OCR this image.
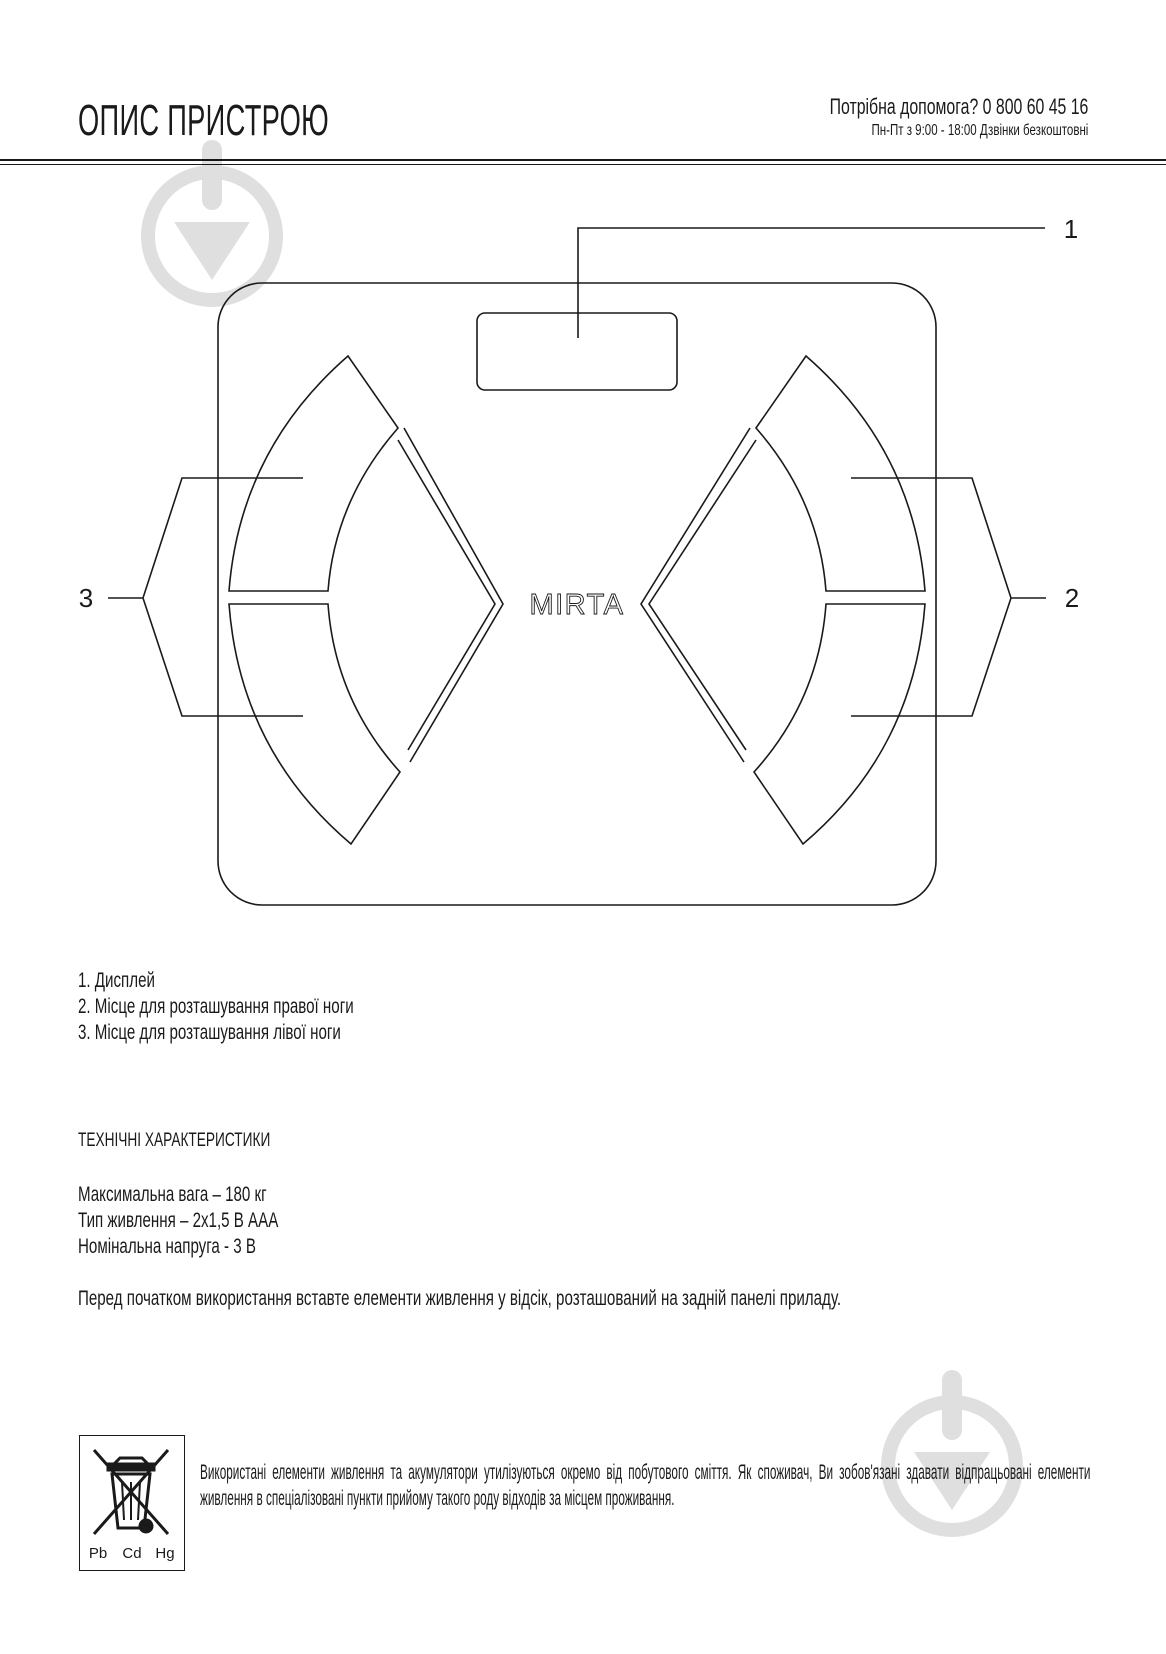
ОПИС ПРИСТРОЮ	Потрібна допомога? 0 800 60 45 16
Пн-Пт з 9:00 - 18:00 Дзвінки безкоштовні
MIRTA
1
2
3
1. Дисплей
2. Місце для розташування правої ноги
3. Місце для розташування лівої ноги
ТЕХНІЧНІ ХАРАКТЕРИСТИКИ
Максимальна вага – 180 кг
Тип живлення – 2х1,5 В ААА
Номінальна напруга - 3 В
Перед початком використання вставте елементи живлення у відсік, розташований на задній панелі приладу.
Pb Cd Hg
Використані елементи живлення та акумулятори утилізуються окремо від побутового сміття. Як споживач, Ви зобов'язані здавати відпрацьовані елементи живлення в спеціалізовані пункти прийому такого роду відходів за місцем проживання.
